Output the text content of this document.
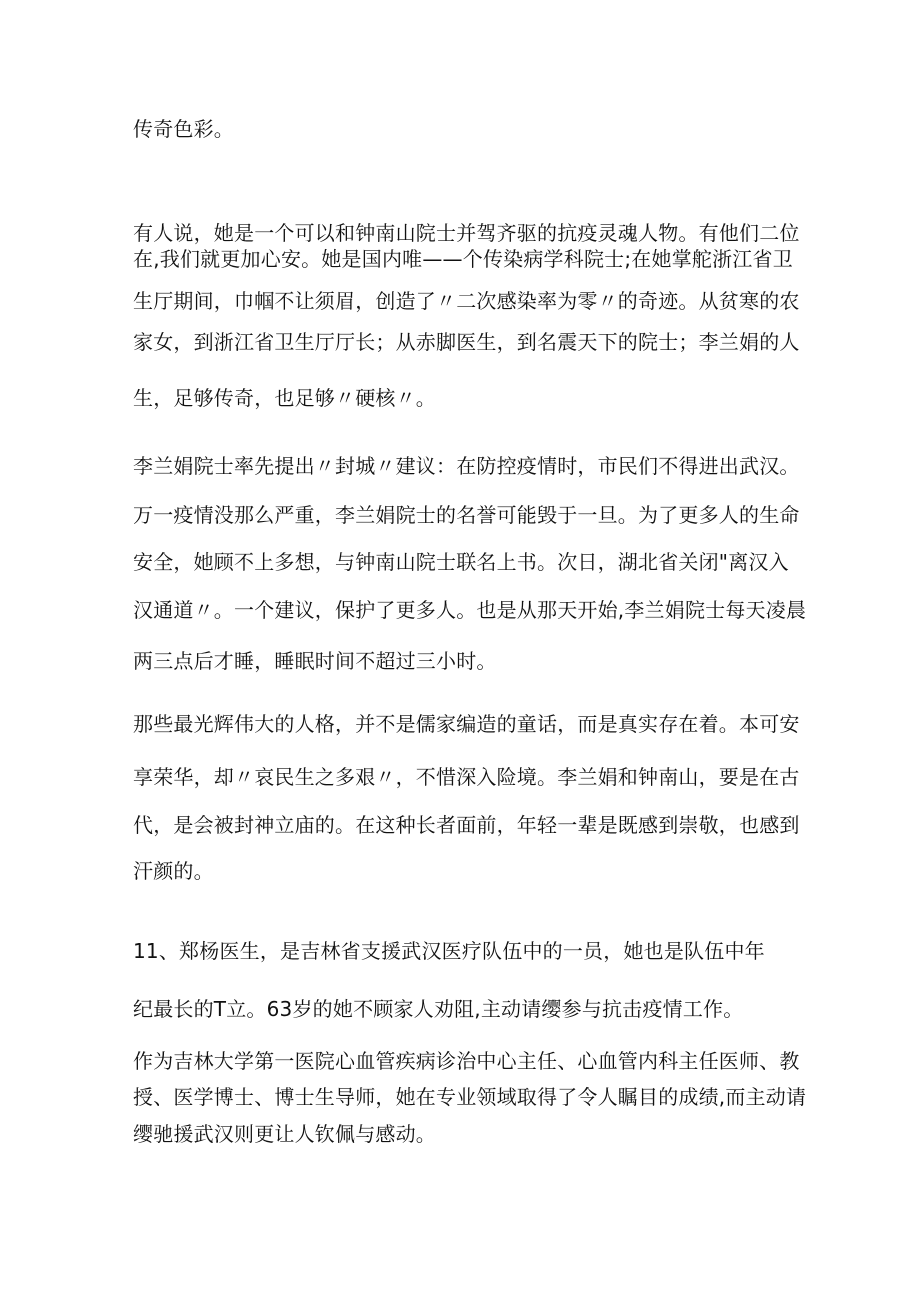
传奇色彩。

有人说，她是一个可以和钟南山院士并驾齐驱的抗疫灵魂人物。有他们二位

在,我们就更加心安。她是国内唯——个传染病学科院士;在她掌舵浙江省卫

生厅期间，巾帼不让须眉，创造了〃二次感染率为零〃的奇迹。从贫寒的农

家女，到浙江省卫生厅厅长；从赤脚医生，到名震天下的院士；李兰娟的人

生，足够传奇，也足够〃硬核〃。

李兰娟院士率先提出〃封城〃建议：在防控疫情时，市民们不得进出武汉。

万一疫情没那么严重，李兰娟院士的名誉可能毁于一旦。为了更多人的生命

安全，她顾不上多想，与钟南山院士联名上书。次日，湖北省关闭"离汉入

汉通道〃。一个建议，保护了更多人。也是从那天开始,李兰娟院士每天凌晨

两三点后才睡，睡眠时间不超过三小时。

那些最光辉伟大的人格，并不是儒家编造的童话，而是真实存在着。本可安

享荣华，却〃哀民生之多艰〃，不惜深入险境。李兰娟和钟南山，要是在古

代，是会被封神立庙的。在这种长者面前，年轻一辈是既感到崇敬，也感到

汗颜的。

11、郑杨医生，是吉林省支援武汉医疗队伍中的一员，她也是队伍中年

纪最长的T立。63岁的她不顾家人劝阻,主动请缨参与抗击疫情工作。

作为吉林大学第一医院心血管疾病诊治中心主任、心血管内科主任医师、教

授、医学博士、博士生导师，她在专业领域取得了令人瞩目的成绩,而主动请

缨驰援武汉则更让人钦佩与感动。
